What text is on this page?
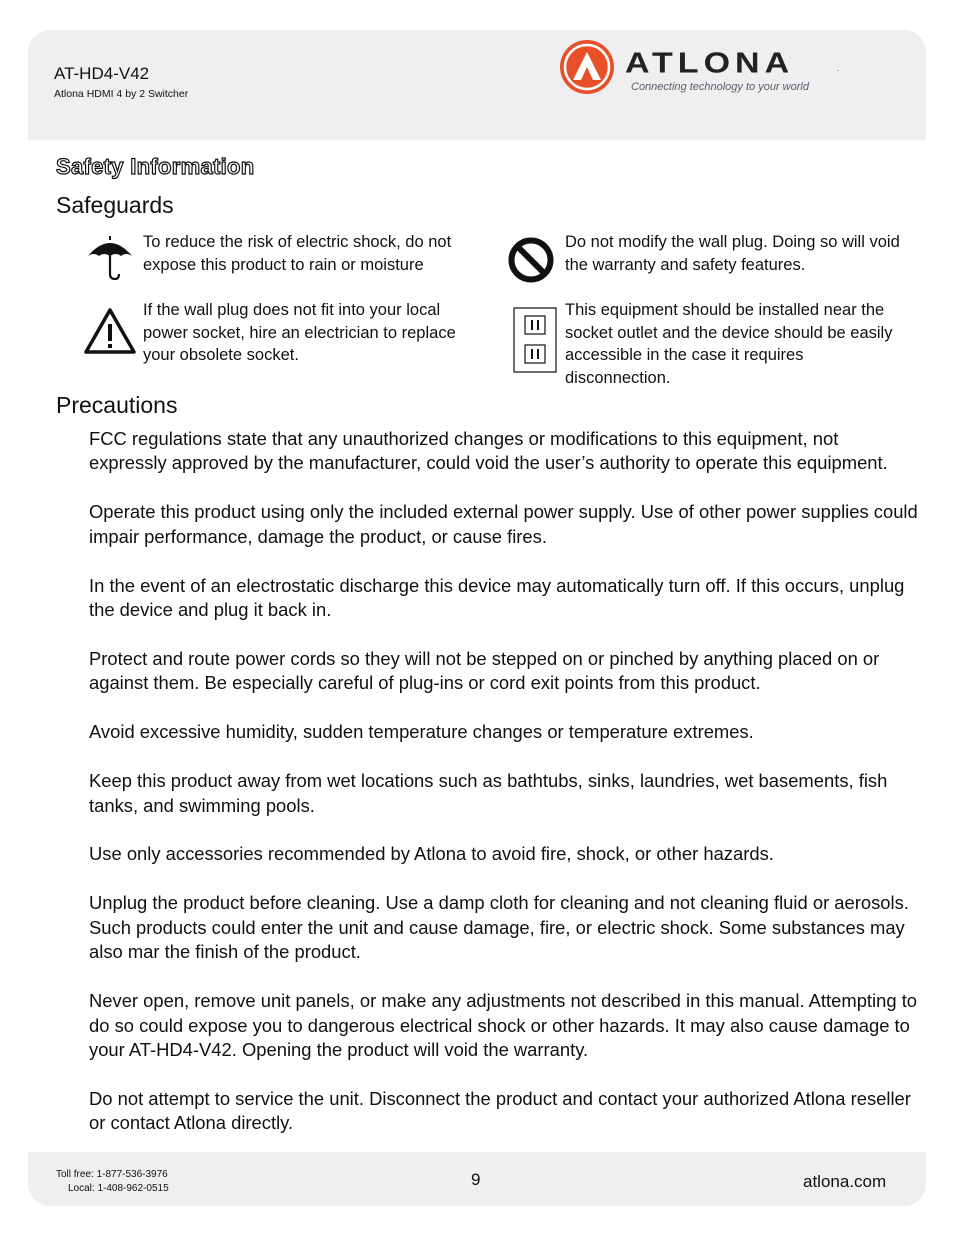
AT-HD4-V42
Atlona HDMI 4 by 2 Switcher
ATLONA	.
Connecting technology to your world
Safety Information
Safeguards
To reduce the risk of electric shock, do not expose this product to rain or moisture
Do not modify the wall plug. Doing so will void the warranty and safety features.
If the wall plug does not fit into your local power socket, hire an electrician to replace your obsolete socket.
This equipment should be installed near the socket outlet and the device should be easily accessible in the case it requires disconnection.
Precautions

FCC regulations state that any unauthorized changes or modifications to this equipment, not expressly approved by the manufacturer, could void the user’s authority to operate this equipment.

Operate this product using only the included external power supply. Use of other power supplies could impair performance, damage the product, or cause fires.

In the event of an electrostatic discharge this device may automatically turn off. If this occurs, unplug the device and plug it back in.

Protect and route power cords so they will not be stepped on or pinched by anything placed on or against them. Be especially careful of plug-ins or cord exit points from this product.

Avoid excessive humidity, sudden temperature changes or temperature extremes.

Keep this product away from wet locations such as bathtubs, sinks, laundries, wet basements, fish tanks, and swimming pools.

Use only accessories recommended by Atlona to avoid fire, shock, or other hazards.

Unplug the product before cleaning. Use a damp cloth for cleaning and not cleaning fluid or aerosols. Such products could enter the unit and cause damage, fire, or electric shock. Some substances may also mar the finish of the product.

Never open, remove unit panels, or make any adjustments not described in this manual. Attempting to do so could expose you to dangerous electrical shock or other hazards. It may also cause damage to your AT-HD4-V42. Opening the product will void the warranty.

Do not attempt to service the unit. Disconnect the product and contact your authorized Atlona reseller or contact Atlona directly.

Toll free: 1-877-536-3976
Local: 1-408-962-0515	9	atlona.com
